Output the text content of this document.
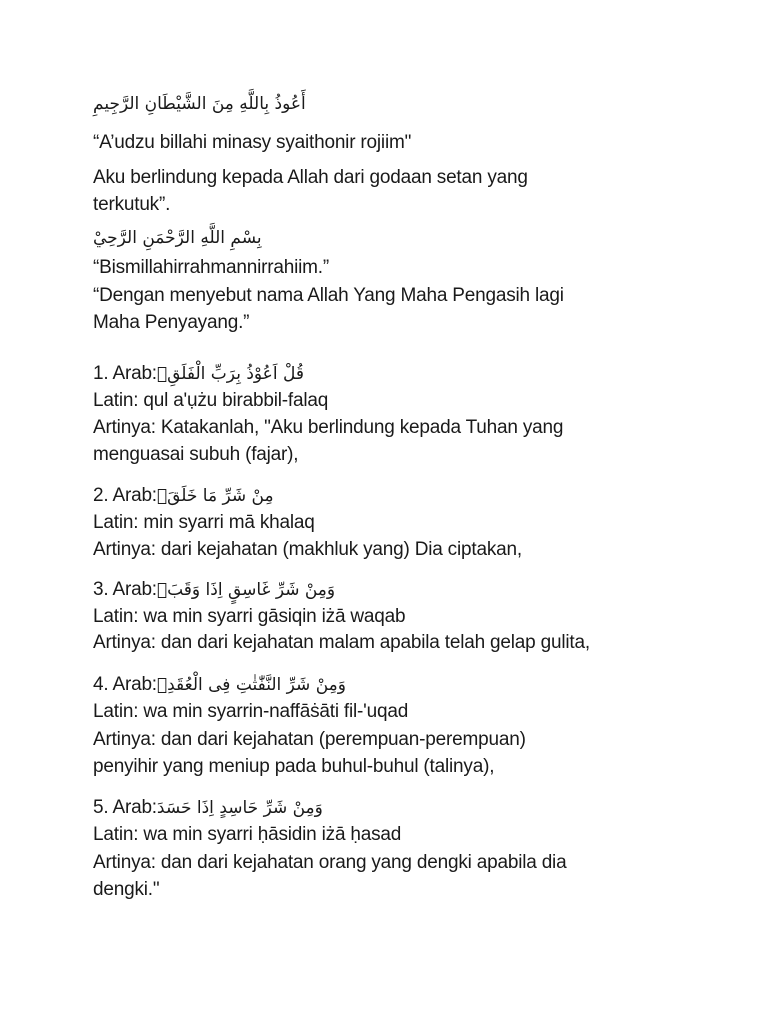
أَعُوذُ بِاللَّهِ مِنَ الشَّيْطَانِ الرَّجِيمِ
“A’udzu billahi minasy syaithonir rojiim"
Aku berlindung kepada Allah dari godaan setan yang
terkutuk”.
بِسْمِ اللَّهِ الرَّحْمَنِ الرَّحِيْ
“Bismillahirrahmannirrahiim.”
“Dengan menyebut nama Allah Yang Maha Pengasih lagi
Maha Penyayang.”
1. Arab:قُلْ اَعُوْذُ بِرَبِّ الْفَلَقِۙ
Latin: qul a'ụżu birabbil-falaq
Artinya: Katakanlah, "Aku berlindung kepada Tuhan yang
menguasai subuh (fajar),
2. Arab:مِنْ شَرِّ مَا خَلَقَۙ
Latin: min syarri mā khalaq
Artinya: dari kejahatan (makhluk yang) Dia ciptakan,
3. Arab:وَمِنْ شَرِّ غَاسِقٍ اِذَا وَقَبَۙ
Latin: wa min syarri gāsiqin iżā waqab
Artinya: dan dari kejahatan malam apabila telah gelap gulita,
4. Arab:وَمِنْ شَرِّ النَّفّٰثٰتِ فِى الْعُقَدِۙ
Latin: wa min syarrin-naffāṡāti fil-'uqad
Artinya: dan dari kejahatan (perempuan-perempuan)
penyihir yang meniup pada buhul-buhul (talinya),
5. Arab:وَمِنْ شَرِّ حَاسِدٍ اِذَا حَسَدَ
Latin: wa min syarri ḥāsidin iżā ḥasad
Artinya: dan dari kejahatan orang yang dengki apabila dia
dengki."
